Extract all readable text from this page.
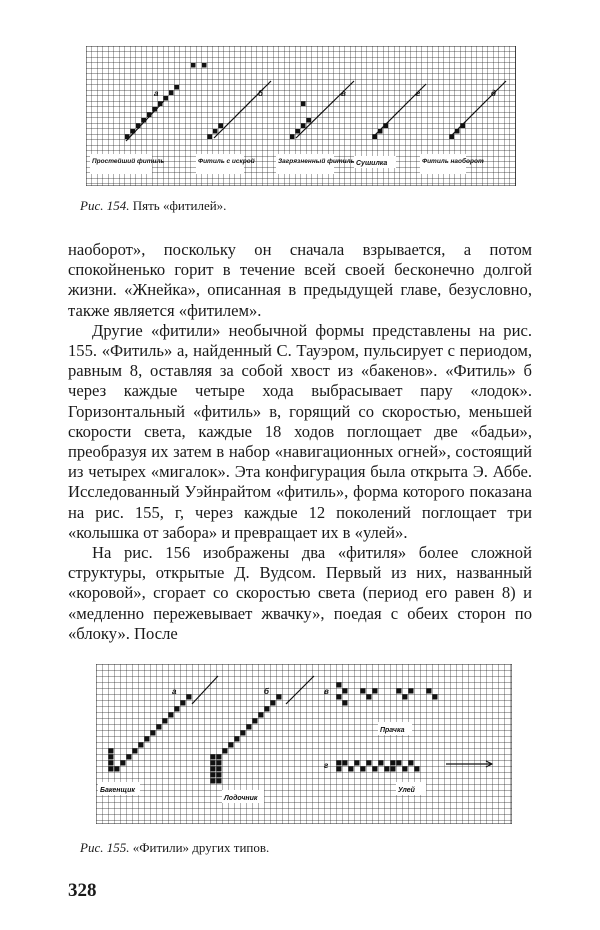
а	б	в	г	д
Простейший фитиль	Фитиль с искрой	Загрязненный фитиль Сушилка	Фитиль наоборот
Рис. 154. Пять «фитилей».

наоборот», поскольку он сначала взрывается, а потом спокойненько горит в течение всей своей бесконечно долгой жизни. «Жнейка», описанная в предыдущей главе, безусловно, также является «фитилем».

Другие «фитили» необычной формы представлены на рис. 155. «Фитиль» а, найденный С. Тауэром, пульсирует с периодом, равным 8, оставляя за собой хвост из «бакенов». «Фитиль» б через каждые четыре хода выбрасывает пару «лодок». Горизонтальный «фитиль» в, горящий со скоростью, меньшей скорости света, каждые 18 ходов поглощает две «бадьи», преобразуя их затем в набор «навигационных огней», состоящий из четырех «мигалок». Эта конфигурация была открыта Э. Аббе. Исследованный Уэйнрайтом «фитиль», форма которого показана на рис. 155, г, через каждые 12 поколений поглощает три «колышка от забора» и превращает их в «улей».

На рис. 156 изображены два «фитиля» более сложной структуры, открытые Д. Вудсом. Первый из них, названный «коровой», сгорает со скоростью света (период его равен 8) и «медленно пережевывает жвачку», поедая с обеих сторон по «блоку». После

а	б	в
г
Бакенщик
Лодочник
Прачка
Улей
Рис. 155. «Фитили» других типов.
328
